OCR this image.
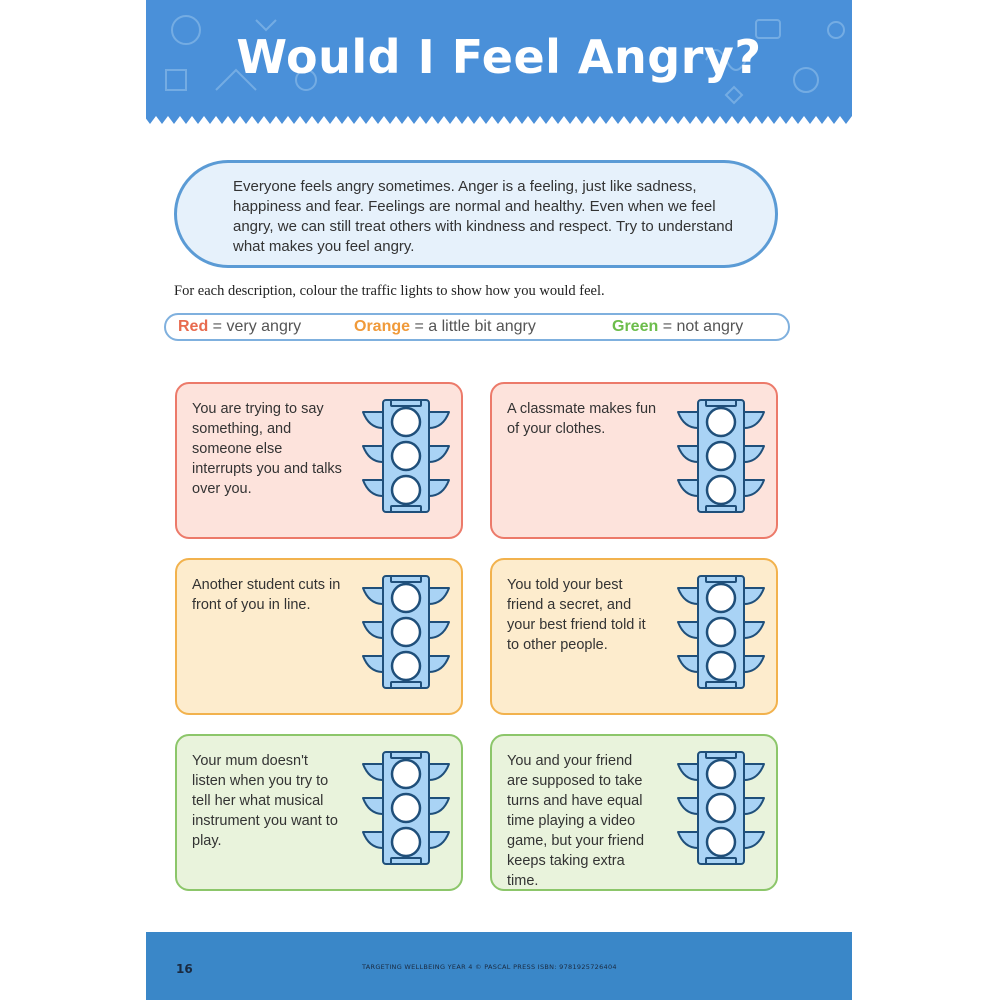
Would I Feel Angry?

Everyone feels angry sometimes. Anger is a feeling, just like sadness, happiness and fear. Feelings are normal and healthy. Even when we feel angry, we can still treat others with kindness and respect. Try to understand what makes you feel angry.

For each description, colour the traffic lights to show how you would feel.
Red = very angry	Orange = a little bit angry	Green = not angry
You are trying to say something, and someone else interrupts you and talks over you.
A classmate makes fun of your clothes.
Another student cuts in front of you in line.
You told your best friend a secret, and your best friend told it to other people.
Your mum doesn't listen when you try to tell her what musical instrument you want to play.
You and your friend are supposed to take turns and have equal time playing a video game, but your friend keeps taking extra time.
16	TARGETING WELLBEING YEAR 4 © PASCAL PRESS ISBN: 9781925726404
